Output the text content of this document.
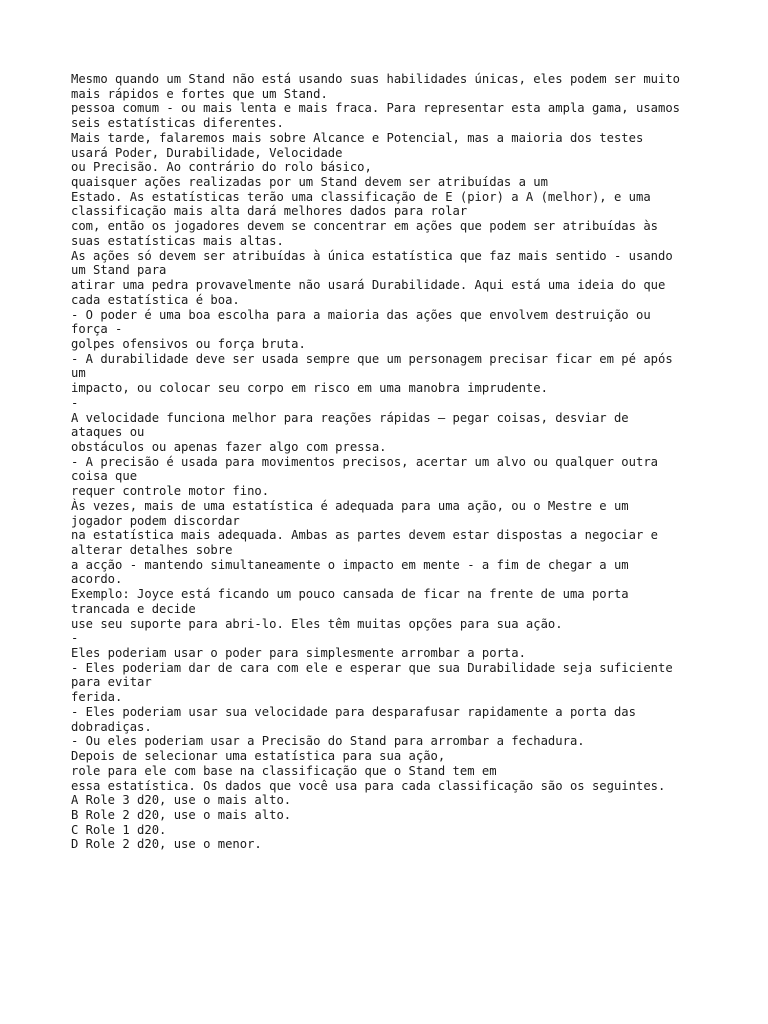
Mesmo quando um Stand não está usando suas habilidades únicas, eles podem ser muito
mais rápidos e fortes que um Stand.
pessoa comum - ou mais lenta e mais fraca. Para representar esta ampla gama, usamos
seis estatísticas diferentes.
Mais tarde, falaremos mais sobre Alcance e Potencial, mas a maioria dos testes
usará Poder, Durabilidade, Velocidade
ou Precisão. Ao contrário do rolo básico,
quaisquer ações realizadas por um Stand devem ser atribuídas a um
Estado. As estatísticas terão uma classificação de E (pior) a A (melhor), e uma
classificação mais alta dará melhores dados para rolar
com, então os jogadores devem se concentrar em ações que podem ser atribuídas às
suas estatísticas mais altas.
As ações só devem ser atribuídas à única estatística que faz mais sentido - usando
um Stand para
atirar uma pedra provavelmente não usará Durabilidade. Aqui está uma ideia do que
cada estatística é boa.
- O poder é uma boa escolha para a maioria das ações que envolvem destruição ou
força -
golpes ofensivos ou força bruta.
- A durabilidade deve ser usada sempre que um personagem precisar ficar em pé após
um
impacto, ou colocar seu corpo em risco em uma manobra imprudente.
-
A velocidade funciona melhor para reações rápidas – pegar coisas, desviar de
ataques ou
obstáculos ou apenas fazer algo com pressa.
- A precisão é usada para movimentos precisos, acertar um alvo ou qualquer outra
coisa que
requer controle motor fino.
Às vezes, mais de uma estatística é adequada para uma ação, ou o Mestre e um
jogador podem discordar
na estatística mais adequada. Ambas as partes devem estar dispostas a negociar e
alterar detalhes sobre
a acção - mantendo simultaneamente o impacto em mente - a fim de chegar a um
acordo.
Exemplo: Joyce está ficando um pouco cansada de ficar na frente de uma porta
trancada e decide
use seu suporte para abri-lo. Eles têm muitas opções para sua ação.
-
Eles poderiam usar o poder para simplesmente arrombar a porta.
- Eles poderiam dar de cara com ele e esperar que sua Durabilidade seja suficiente
para evitar
ferida.
- Eles poderiam usar sua velocidade para desparafusar rapidamente a porta das
dobradiças.
- Ou eles poderiam usar a Precisão do Stand para arrombar a fechadura.
Depois de selecionar uma estatística para sua ação,
role para ele com base na classificação que o Stand tem em
essa estatística. Os dados que você usa para cada classificação são os seguintes.
A Role 3 d20, use o mais alto.
B Role 2 d20, use o mais alto.
C Role 1 d20.
D Role 2 d20, use o menor.
